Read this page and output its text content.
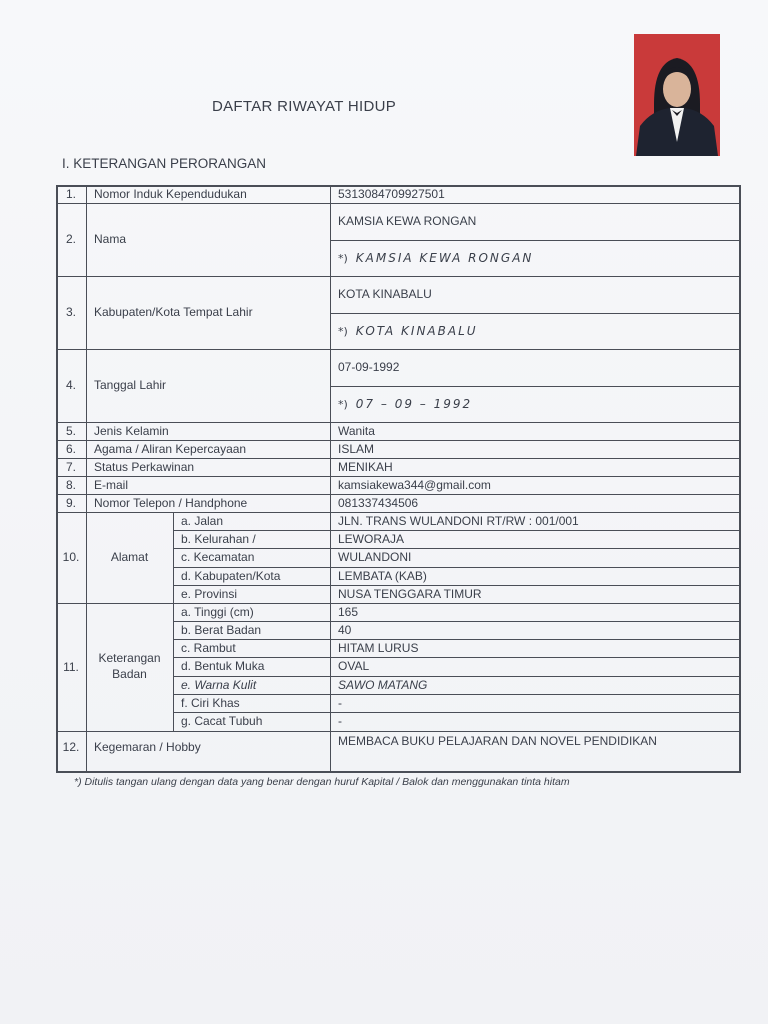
DAFTAR RIWAYAT HIDUP
I. KETERANGAN PERORANGAN
1.	Nomor Induk Kependudukan	5313084709927501
2.	Nama
KAMSIA KEWA RONGAN
*) KAMSIA KEWA RONGAN
3.	Kabupaten/Kota Tempat Lahir
KOTA KINABALU
*) KOTA KINABALU
4.	Tanggal Lahir
07-09-1992
*) 07 – 09 – 1992
5.	Jenis Kelamin	Wanita
6.	Agama / Aliran Kepercayaan	ISLAM
7.	Status Perkawinan	MENIKAH
8.	E-mail	kamsiakewa344@gmail.com
9.	Nomor Telepon / Handphone	081337434506
10.	Alamat
a. Jalan	JLN. TRANS WULANDONI RT/RW : 001/001
b. Kelurahan /	LEWORAJA
c. Kecamatan	WULANDONI
d. Kabupaten/Kota	LEMBATA (KAB)
e. Provinsi	NUSA TENGGARA TIMUR
11.
Keterangan
Badan
a. Tinggi (cm)	165
b. Berat Badan	40
c. Rambut	HITAM LURUS
d. Bentuk Muka	OVAL
e. Warna Kulit	SAWO MATANG
f. Ciri Khas	-
g. Cacat Tubuh	-
12.	Kegemaran / Hobby	MEMBACA BUKU PELAJARAN DAN NOVEL PENDIDIKAN
*) Ditulis tangan ulang dengan data yang benar dengan huruf Kapital / Balok dan menggunakan tinta hitam
